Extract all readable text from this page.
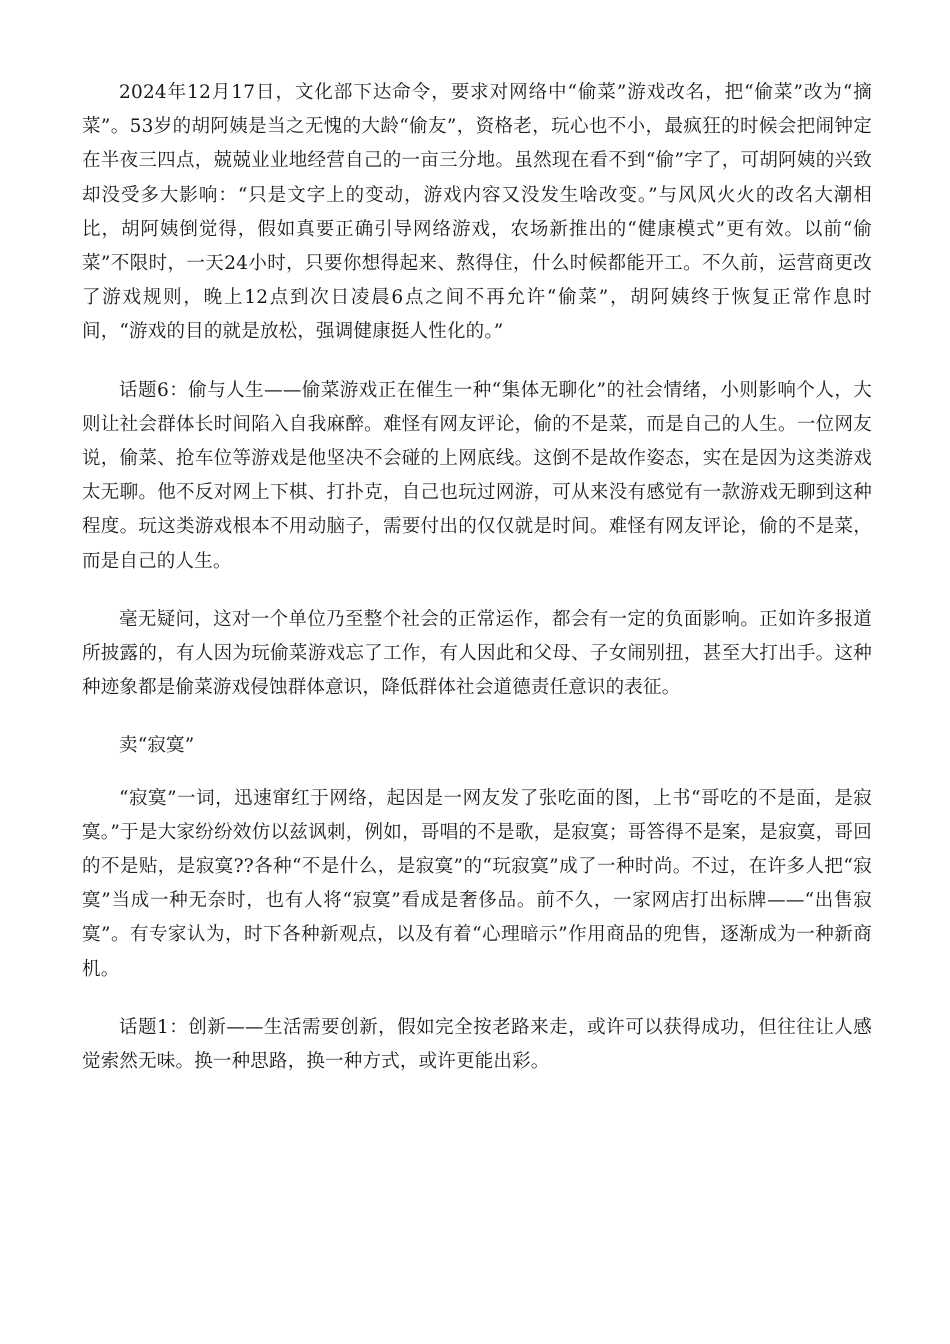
2024年12月17日，文化部下达命令，要求对网络中“偷菜”游戏改名，把“偷菜”改为“摘菜”。53岁的胡阿姨是当之无愧的大龄“偷友”，资格老，玩心也不小，最疯狂的时候会把闹钟定在半夜三四点，兢兢业业地经营自己的一亩三分地。虽然现在看不到“偷”字了，可胡阿姨的兴致却没受多大影响：“只是文字上的变动，游戏内容又没发生啥改变。”与风风火火的改名大潮相比，胡阿姨倒觉得，假如真要正确引导网络游戏，农场新推出的“健康模式”更有效。以前“偷菜”不限时，一天24小时，只要你想得起来、熬得住，什么时候都能开工。不久前，运营商更改了游戏规则，晚上12点到次日凌晨6点之间不再允许“偷菜”，胡阿姨终于恢复正常作息时间，“游戏的目的就是放松，强调健康挺人性化的。”

话题6：偷与人生——偷菜游戏正在催生一种“集体无聊化”的社会情绪，小则影响个人，大则让社会群体长时间陷入自我麻醉。难怪有网友评论，偷的不是菜，而是自己的人生。一位网友说，偷菜、抢车位等游戏是他坚决不会碰的上网底线。这倒不是故作姿态，实在是因为这类游戏太无聊。他不反对网上下棋、打扑克，自己也玩过网游，可从来没有感觉有一款游戏无聊到这种程度。玩这类游戏根本不用动脑子，需要付出的仅仅就是时间。难怪有网友评论，偷的不是菜，而是自己的人生。

毫无疑问，这对一个单位乃至整个社会的正常运作，都会有一定的负面影响。正如许多报道所披露的，有人因为玩偷菜游戏忘了工作，有人因此和父母、子女闹别扭，甚至大打出手。这种种迹象都是偷菜游戏侵蚀群体意识，降低群体社会道德责任意识的表征。

卖“寂寞”

“寂寞”一词，迅速窜红于网络，起因是一网友发了张吃面的图，上书“哥吃的不是面，是寂寞。”于是大家纷纷效仿以兹讽刺，例如，哥唱的不是歌，是寂寞；哥答得不是案，是寂寞，哥回的不是贴，是寂寞??各种“不是什么，是寂寞”的“玩寂寞”成了一种时尚。不过，在许多人把“寂寞”当成一种无奈时，也有人将“寂寞”看成是奢侈品。前不久，一家网店打出标牌——“出售寂寞”。有专家认为，时下各种新观点，以及有着“心理暗示”作用商品的兜售，逐渐成为一种新商机。

话题1：创新——生活需要创新，假如完全按老路来走，或许可以获得成功，但往往让人感觉索然无味。换一种思路，换一种方式，或许更能出彩。
